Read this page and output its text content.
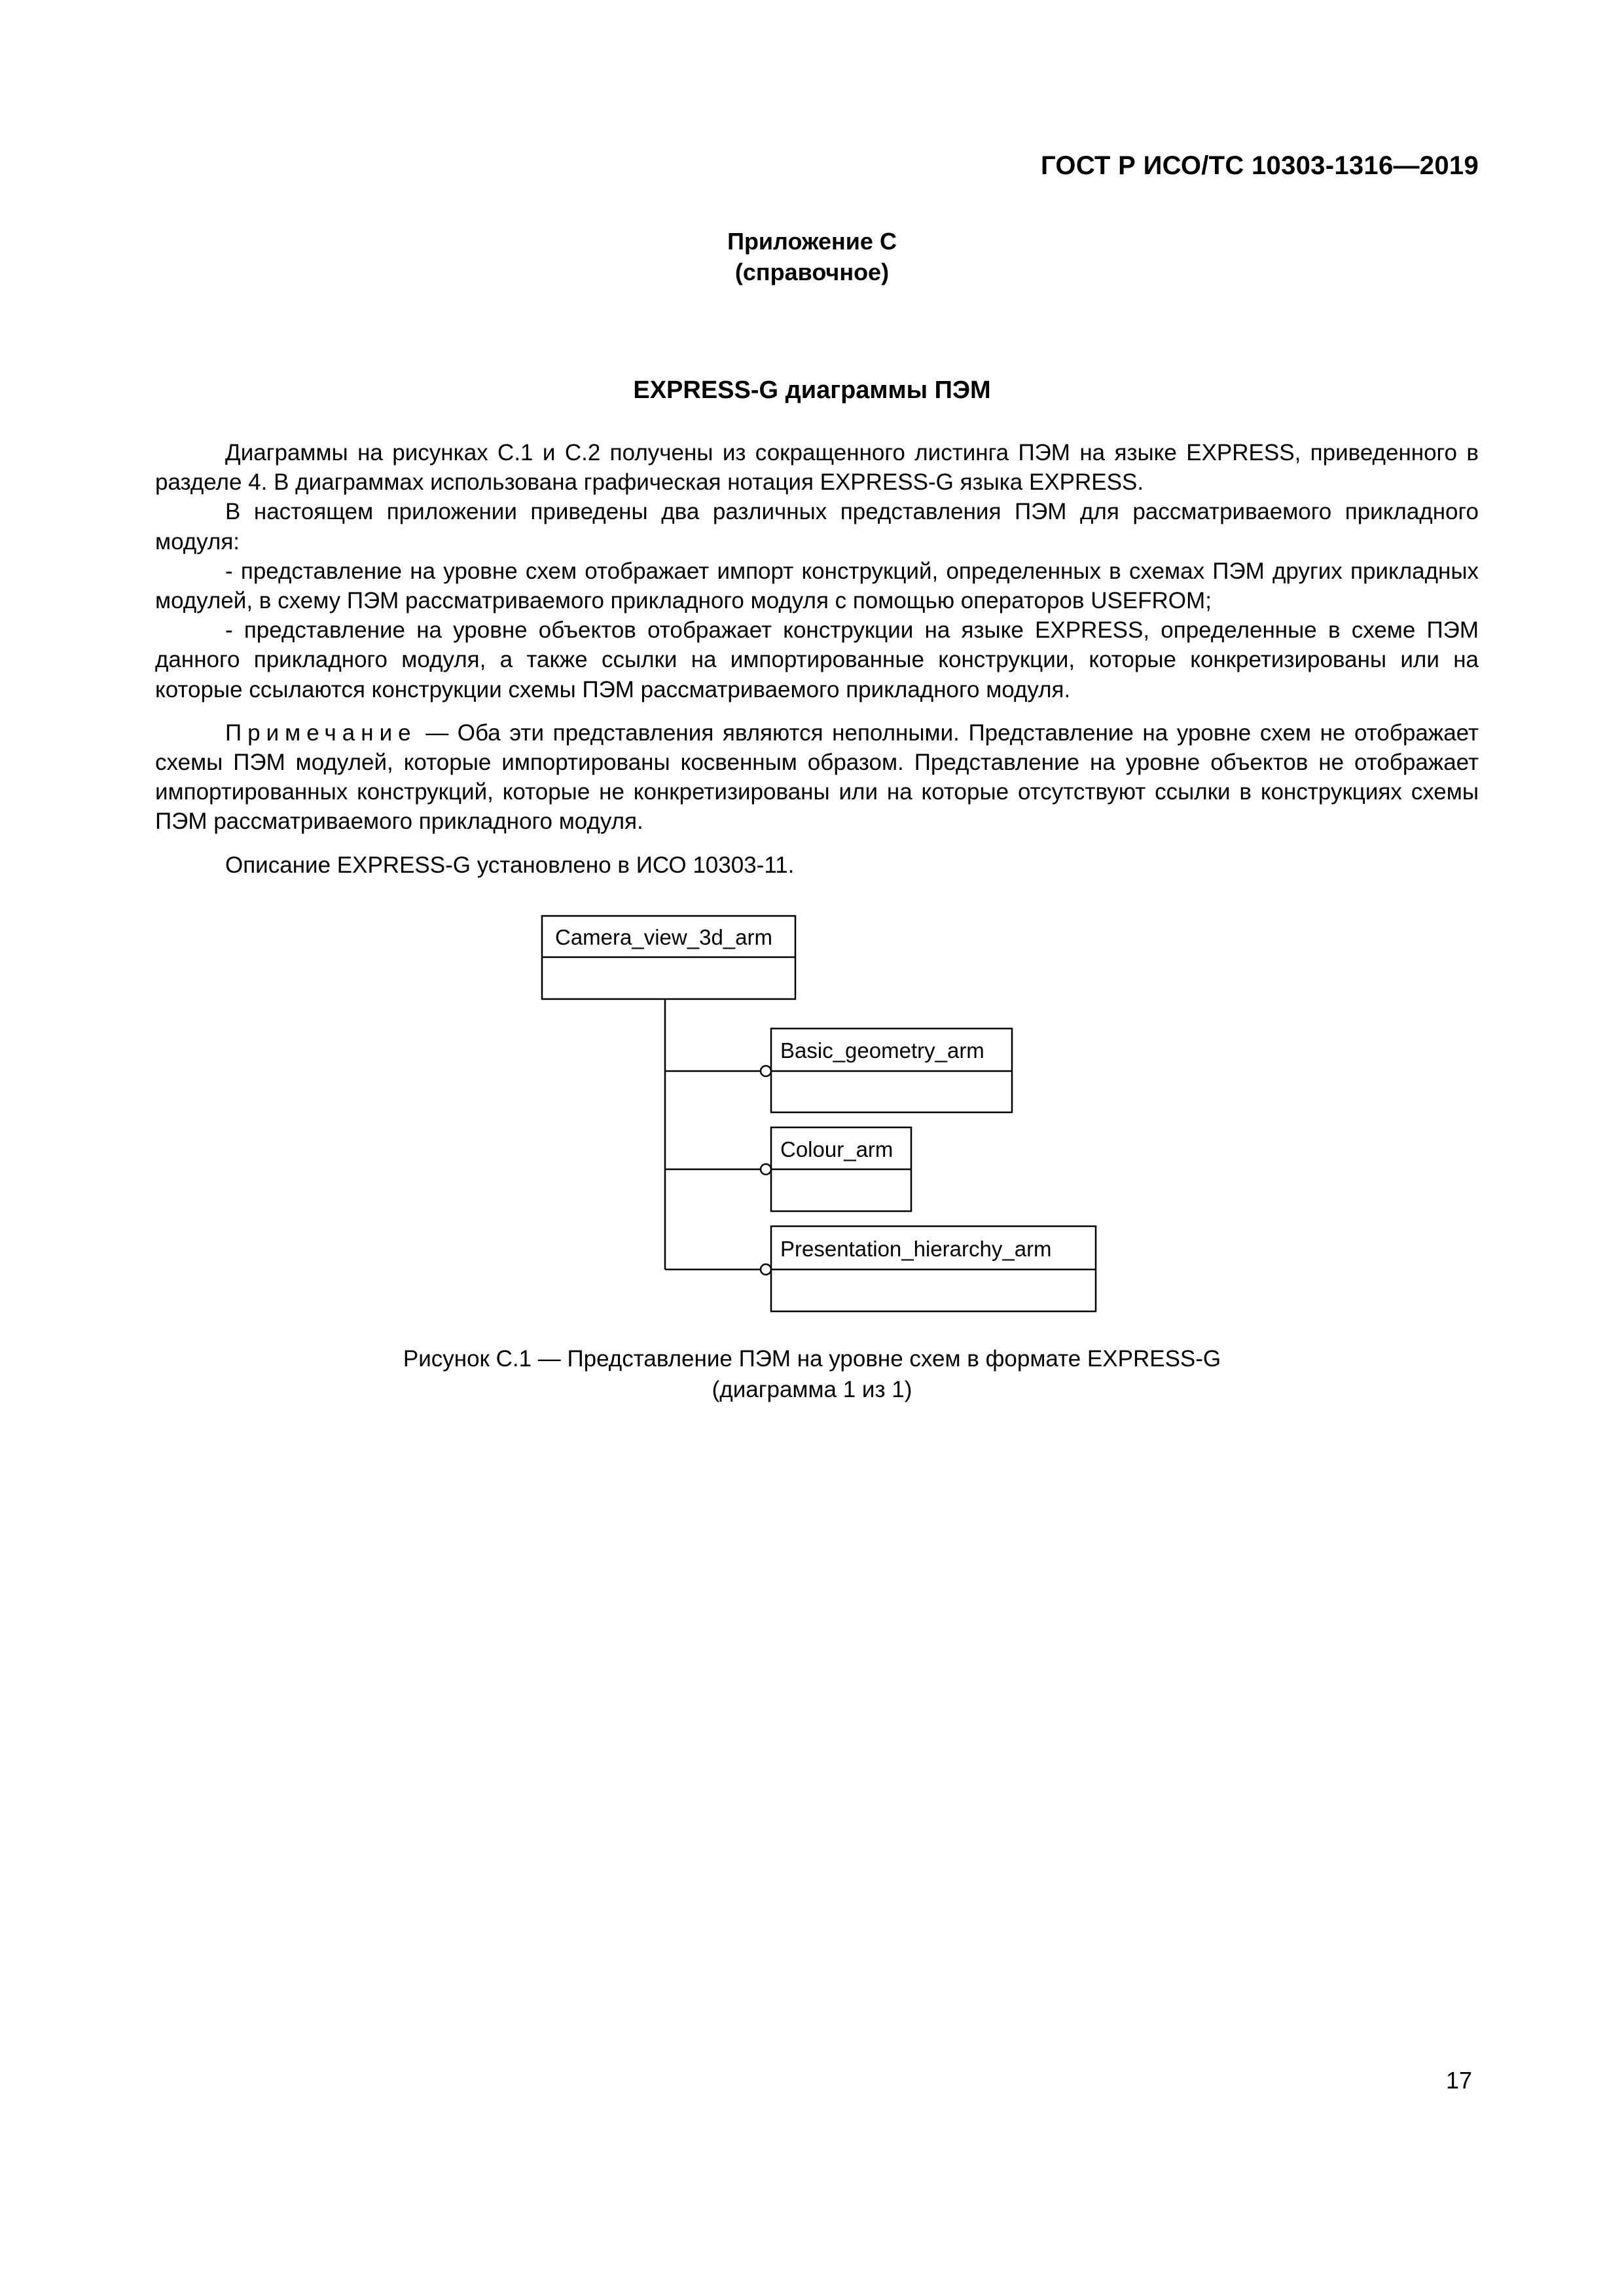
ГОСТ Р ИСО/ТС 10303-1316—2019
Приложение С
(справочное)
EXPRESS-G диаграммы ПЭМ

Диаграммы на рисунках С.1 и С.2 получены из сокращенного листинга ПЭМ на языке EXPRESS, приведенного в разделе 4. В диаграммах использована графическая нотация EXPRESS-G языка EXPRESS.

В настоящем приложении приведены два различных представления ПЭМ для рассматриваемого прикладного модуля:

- представление на уровне схем отображает импорт конструкций, определенных в схемах ПЭМ других прикладных модулей, в схему ПЭМ рассматриваемого прикладного модуля с помощью операторов USEFROM;

- представление на уровне объектов отображает конструкции на языке EXPRESS, определенные в схеме ПЭМ данного прикладного модуля, а также ссылки на импортированные конструкции, которые конкретизированы или на которые ссылаются конструкции схемы ПЭМ рассматриваемого прикладного модуля.

Примечание — Оба эти представления являются неполными. Представление на уровне схем не отображает схемы ПЭМ модулей, которые импортированы косвенным образом. Представление на уровне объектов не отображает импортированных конструкций, которые не конкретизированы или на которые отсутствуют ссылки в конструкциях схемы ПЭМ рассматриваемого прикладного модуля.

Описание EXPRESS-G установлено в ИСО 10303-11.

Camera_view_3d_arm
Basic_geometry_arm
Colour_arm
Presentation_hierarchy_arm
Рисунок С.1 — Представление ПЭМ на уровне схем в формате EXPRESS-G
(диаграмма 1 из 1)
17
